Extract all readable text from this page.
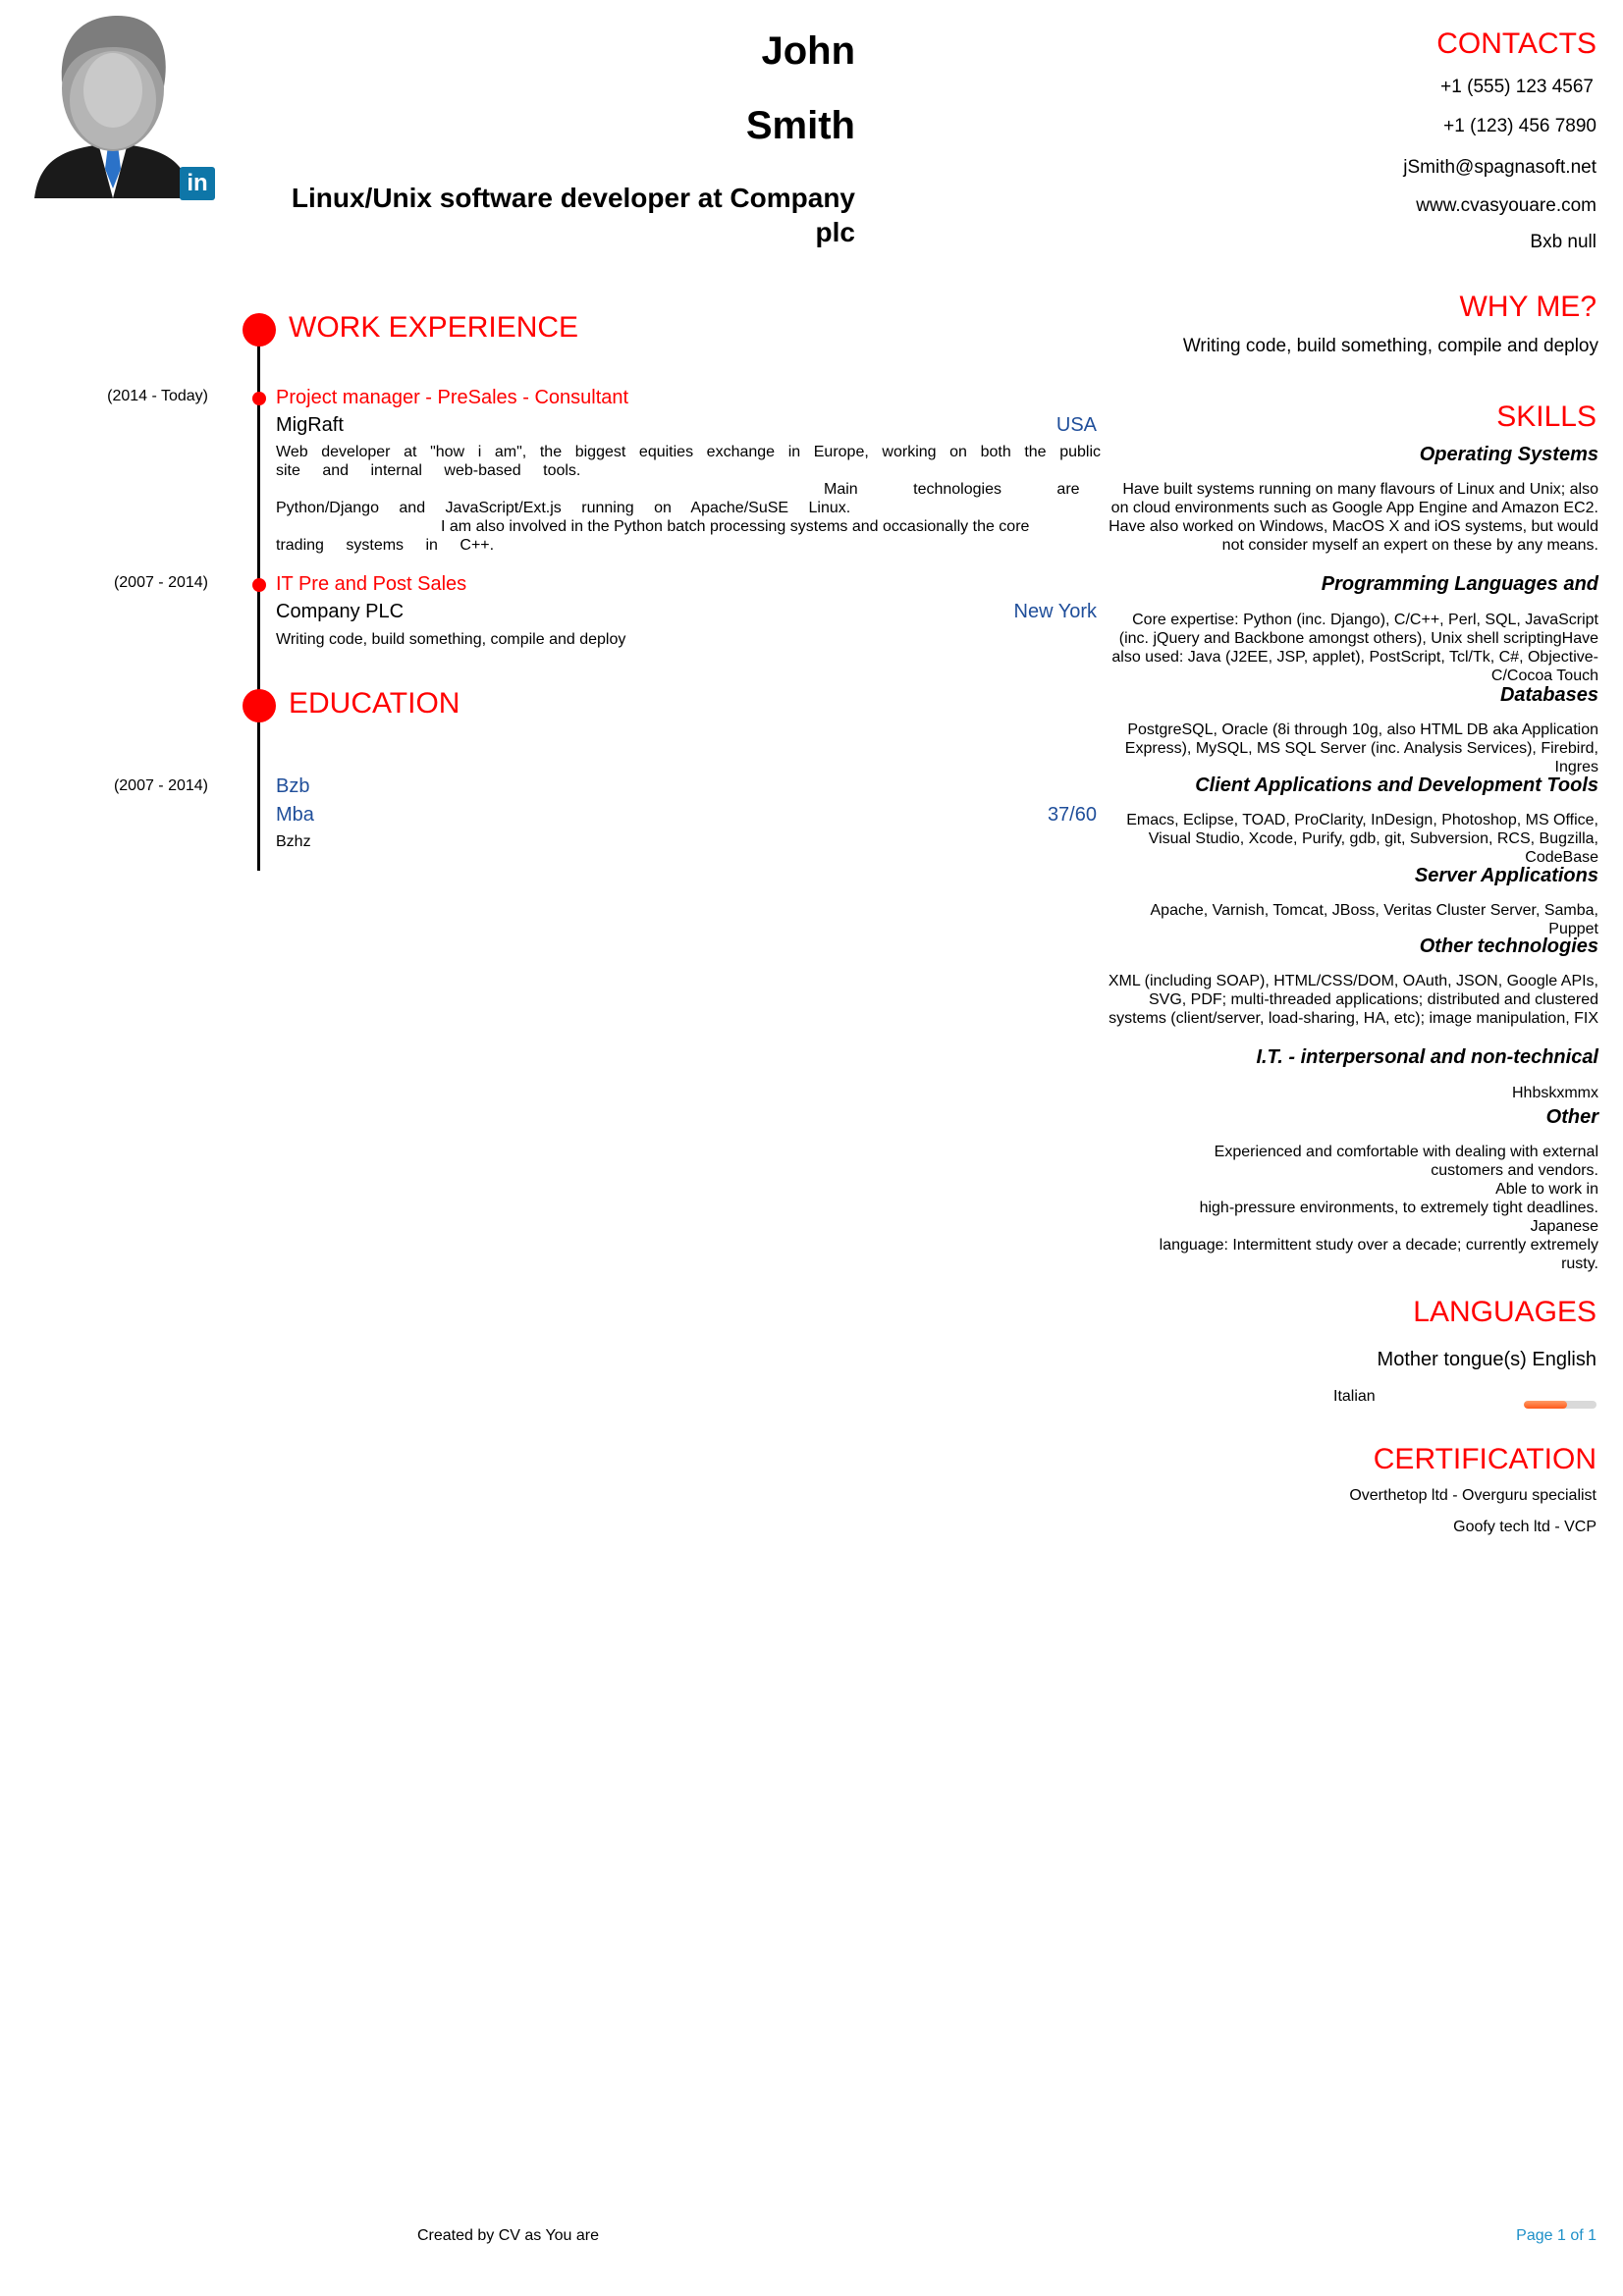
in
John
Smith
Linux/Unix software developer at Company plc
CONTACTS
+1 (555) 123 4567
+1 (123) 456 7890
jSmith@spagnasoft.net
www.cvasyouare.com
Bxb null
WHY ME?
Writing code, build something, compile and deploy
SKILLS
Operating Systems
Have built systems running on many flavours of Linux and Unix; also on cloud environments such as Google App Engine and Amazon EC2. Have also worked on Windows, MacOS X and iOS systems, but would not consider myself an expert on these by any means.
Programming Languages and
Core expertise: Python (inc. Django), C/C++, Perl, SQL, JavaScript (inc. jQuery and Backbone amongst others), Unix shell scriptingHave also used: Java (J2EE, JSP, applet), PostScript, Tcl/Tk, C#, Objective-C/Cocoa Touch
Databases
PostgreSQL, Oracle (8i through 10g, also HTML DB aka Application Express), MySQL, MS SQL Server (inc. Analysis Services), Firebird, Ingres
Client Applications and Development Tools
Emacs, Eclipse, TOAD, ProClarity, InDesign, Photoshop, MS Office, Visual Studio, Xcode, Purify, gdb, git, Subversion, RCS, Bugzilla, CodeBase
Server Applications
Apache, Varnish, Tomcat, JBoss, Veritas Cluster Server, Samba, Puppet
Other technologies
XML (including SOAP), HTML/CSS/DOM, OAuth, JSON, Google APIs, SVG, PDF; multi-threaded applications; distributed and clustered systems (client/server, load-sharing, HA, etc); image manipulation, FIX
I.T. - interpersonal and non-technical
Hhbskxmmx
Other
Experienced and comfortable with dealing with external
customers and vendors.
Able to work in
high-pressure environments, to extremely tight deadlines.
Japanese
language: Intermittent study over a decade; currently extremely
rusty.
LANGUAGES
Mother tongue(s) English
Italian
CERTIFICATION
Overthetop ltd - Overguru specialist
Goofy tech ltd - VCP
WORK EXPERIENCE
(2014 - Today)	Project manager - PreSales - Consultant
MigRaft	USA
Web developer at "how i am", the biggest equities exchange in Europe, working on both the public
site and internal web-based tools.
Main technologies are
Python/Django and JavaScript/Ext.js running on Apache/SuSE Linux.
I am also involved in the Python batch processing systems and occasionally the core
trading systems in C++.
(2007 - 2014)	IT Pre and Post Sales
Company PLC	New York
Writing code, build something, compile and deploy
EDUCATION
(2007 - 2014)	Bzb
Mba	37/60
Bzhz
Created by CV as You are	Page 1 of 1
